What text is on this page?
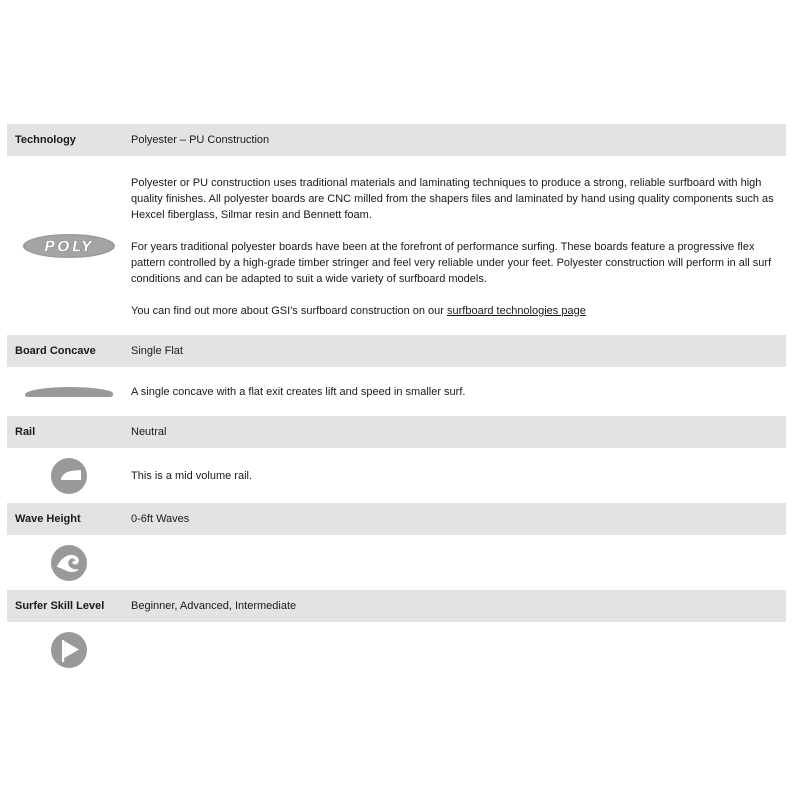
Technology	Polyester – PU Construction
POLY

Polyester or PU construction uses traditional materials and laminating techniques to produce a strong, reliable surfboard with high quality finishes. All polyester boards are CNC milled from the shapers files and laminated by hand using quality components such as Hexcel fiberglass, Silmar resin and Bennett foam.

For years traditional polyester boards have been at the forefront of performance surfing. These boards feature a progressive flex pattern controlled by a high-grade timber stringer and feel very reliable under your feet. Polyester construction will perform in all surf conditions and can be adapted to suit a wide variety of surfboard models.

You can find out more about GSI's surfboard construction on our surfboard technologies page

Board Concave	Single Flat
A single concave with a flat exit creates lift and speed in smaller surf.
Rail	Neutral
This is a mid volume rail.
Wave Height	0-6ft Waves
Surfer Skill Level	Beginner, Advanced, Intermediate
